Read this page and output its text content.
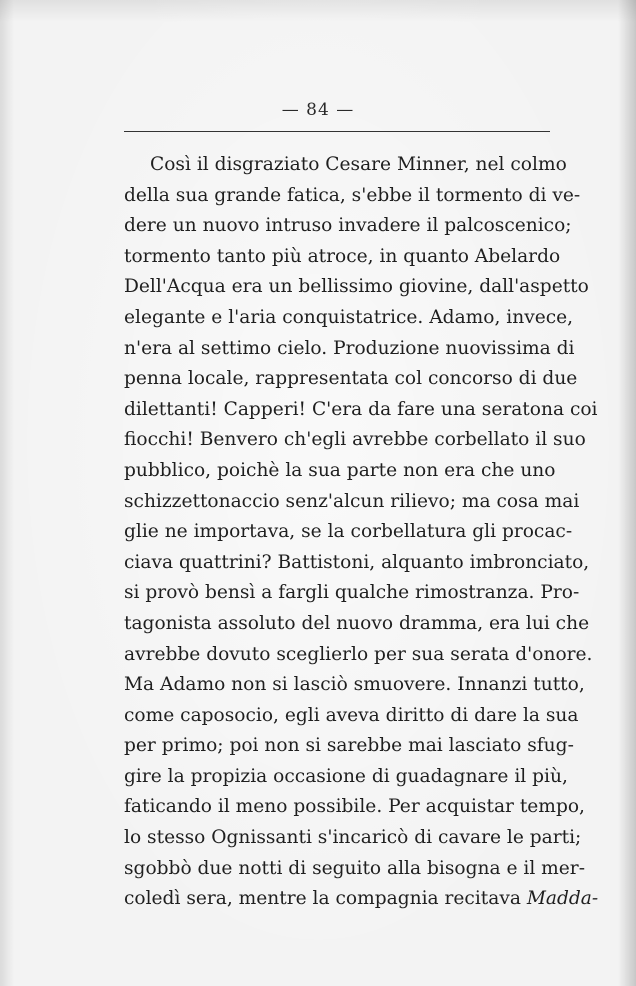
— 84 —
Così il disgraziato Cesare Minner, nel colmo
della sua grande fatica, s'ebbe il tormento di ve-
dere un nuovo intruso invadere il palcoscenico;
tormento tanto più atroce, in quanto Abelardo
Dell'Acqua era un bellissimo giovine, dall'aspetto
elegante e l'aria conquistatrice. Adamo, invece,
n'era al settimo cielo. Produzione nuovissima di
penna locale, rappresentata col concorso di due
dilettanti! Capperi! C'era da fare una seratona coi
fiocchi! Benvero ch'egli avrebbe corbellato il suo
pubblico, poichè la sua parte non era che uno
schizzettonaccio senz'alcun rilievo; ma cosa mai
glie ne importava, se la corbellatura gli procac-
ciava quattrini? Battistoni, alquanto imbronciato,
si provò bensì a fargli qualche rimostranza. Pro-
tagonista assoluto del nuovo dramma, era lui che
avrebbe dovuto sceglierlo per sua serata d'onore.
Ma Adamo non si lasciò smuovere. Innanzi tutto,
come caposocio, egli aveva diritto di dare la sua
per primo; poi non si sarebbe mai lasciato sfug-
gire la propizia occasione di guadagnare il più,
faticando il meno possibile. Per acquistar tempo,
lo stesso Ognissanti s'incaricò di cavare le parti;
sgobbò due notti di seguito alla bisogna e il mer-
coledì sera, mentre la compagnia recitava Madda-
